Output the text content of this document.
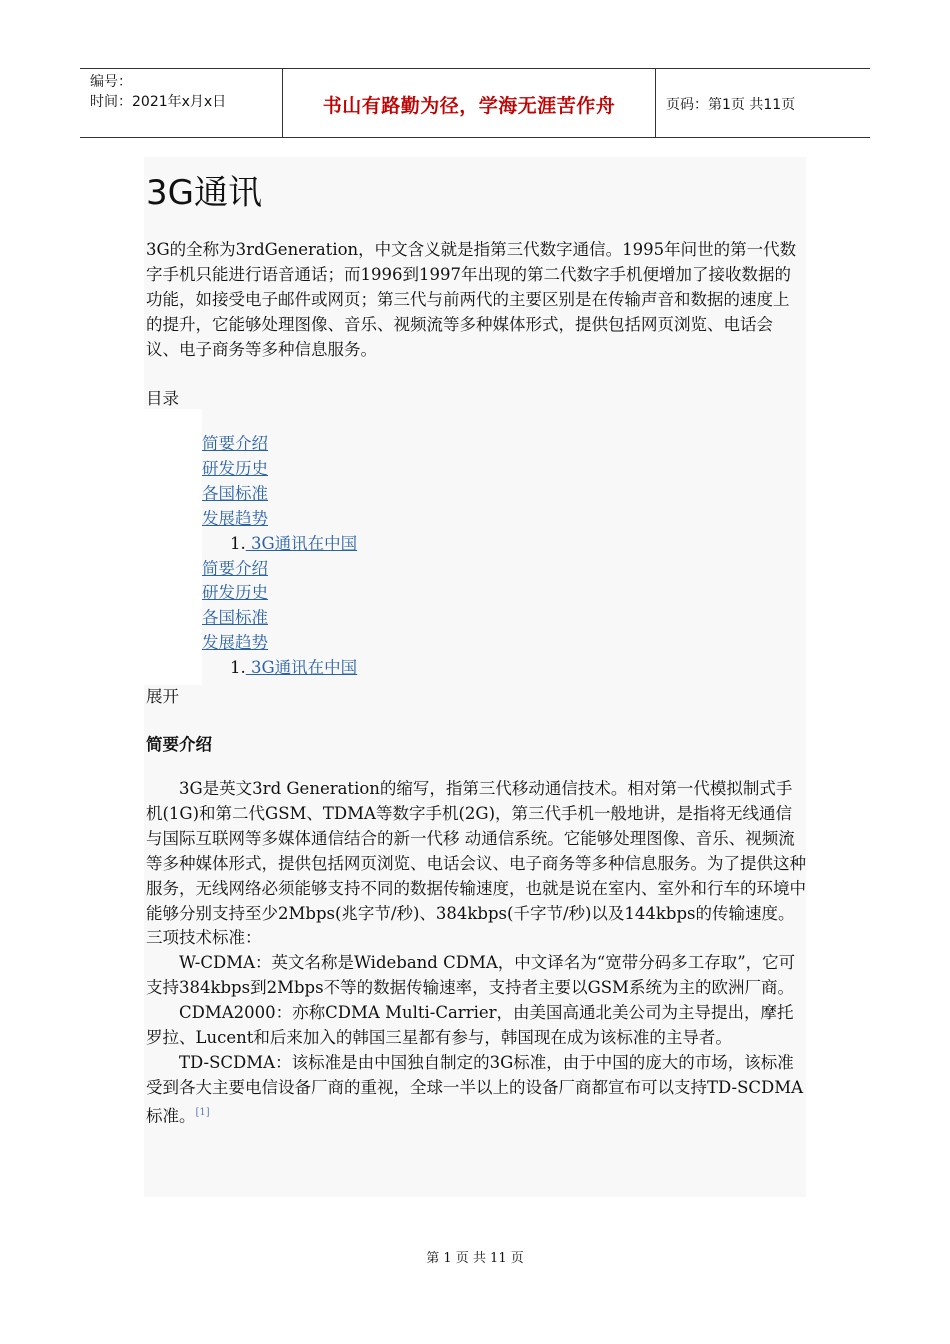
编号：
时间：2021年x月x日	书山有路勤为径，学海无涯苦作舟	页码：第1页 共11页
3G通讯
3G的全称为3rdGeneration，中文含义就是指第三代数字通信。1995年问世的第一代数字手机只能进行语音通话；而1996到1997年出现的第二代数字手机便增加了接收数据的功能，如接受电子邮件或网页；第三代与前两代的主要区别是在传输声音和数据的速度上的提升，它能够处理图像、音乐、视频流等多种媒体形式，提供包括网页浏览、电话会议、电子商务等多种信息服务。
目录
简要介绍
研发历史
各国标准
发展趋势
1. 3G通讯在中国
简要介绍
研发历史
各国标准
发展趋势
1. 3G通讯在中国
展开
简要介绍

3G是英文3rd Generation的缩写，指第三代移动通信技术。相对第一代模拟制式手机(1G)和第二代GSM、TDMA等数字手机(2G)，第三代手机一般地讲，是指将无线通信与国际互联网等多媒体通信结合的新一代移 动通信系统。它能够处理图像、音乐、视频流等多种媒体形式，提供包括网页浏览、电话会议、电子商务等多种信息服务。为了提供这种服务，无线网络必须能够支持不同的数据传输速度，也就是说在室内、室外和行车的环境中能够分别支持至少2Mbps(兆字节/秒)、384kbps(千字节/秒)以及144kbps的传输速度。 三项技术标准：

W-CDMA：英文名称是Wideband CDMA，中文译名为“宽带分码多工存取”，它可支持384kbps到2Mbps不等的数据传输速率，支持者主要以GSM系统为主的欧洲厂商。

CDMA2000：亦称CDMA Multi-Carrier，由美国高通北美公司为主导提出，摩托罗拉、Lucent和后来加入的韩国三星都有参与，韩国现在成为该标准的主导者。

TD-SCDMA：该标准是由中国独自制定的3G标准，由于中国的庞大的市场，该标准受到各大主要电信设备厂商的重视，全球一半以上的设备厂商都宣布可以支持TD-SCDMA标准。[1]

第 1 页 共 11 页
